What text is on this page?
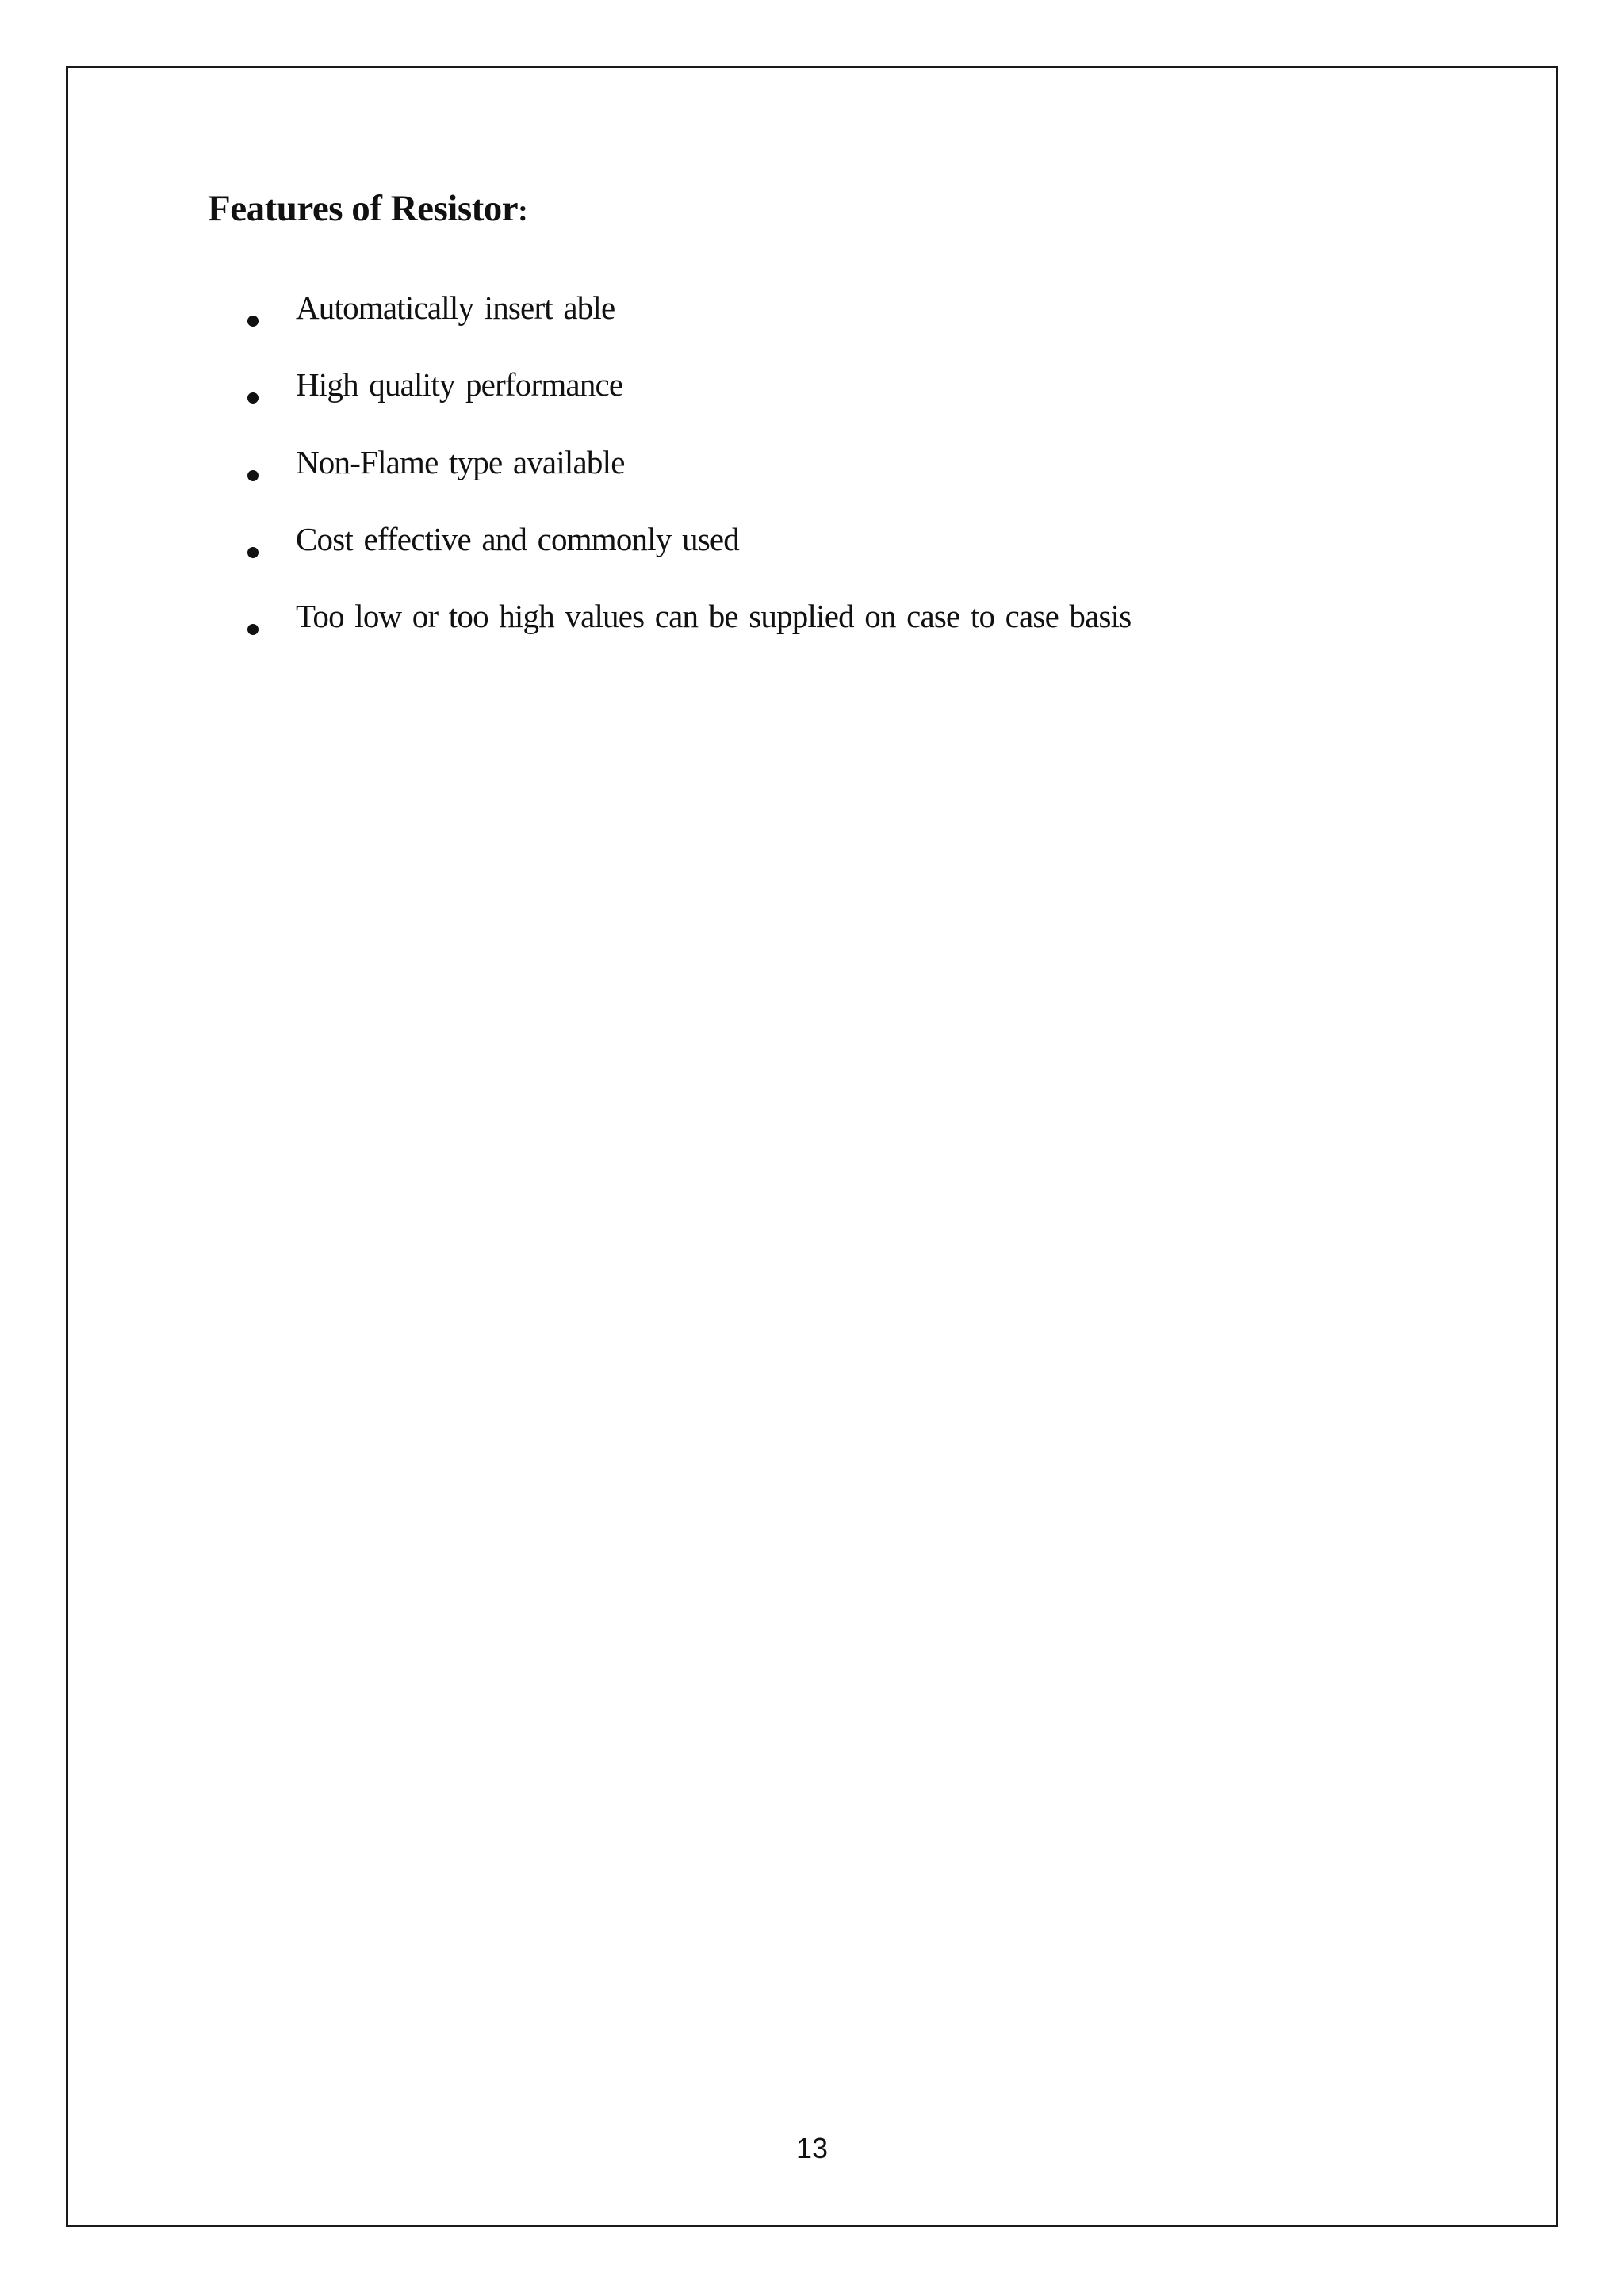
Features of Resistor:
Automatically insert able
High quality performance
Non-Flame type available
Cost effective and commonly used
Too low or too high values can be supplied on case to case basis
13
